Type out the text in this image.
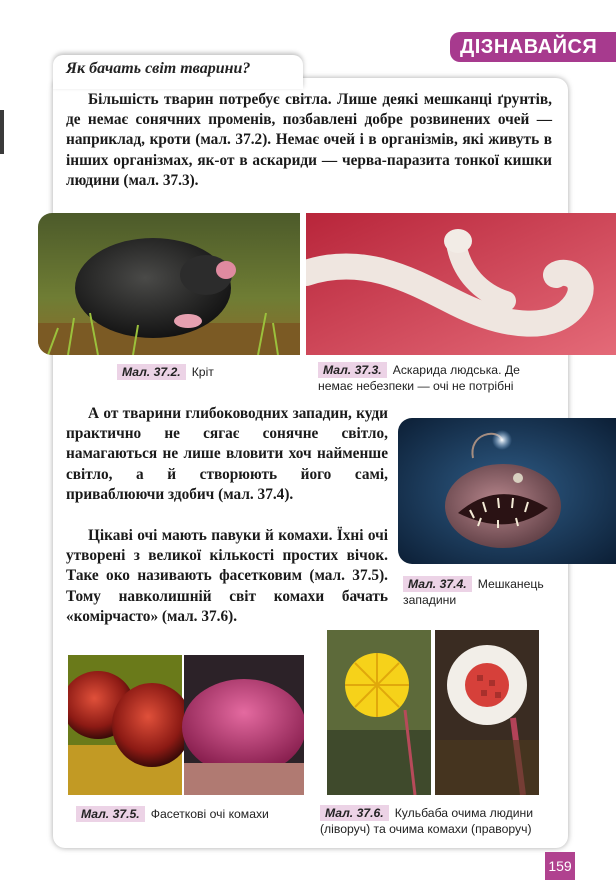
ДІЗНАВАЙСЯ
Як бачать світ тварини?

Більшість тварин потребує світла. Лише деякі мешканці ґрунтів, де немає сонячних променів, позбавлені добре розвинених очей — наприклад, кроти (мал. 37.2). Немає очей і в організмів, які живуть в інших організмах, як-от в аскариди — черва-паразита тонкої кишки людини (мал. 37.3).

Мал. 37.2. Кріт	Мал. 37.3. Аскарида людська. Де немає небезпеки — очі не потрібні

А от тварини глибоководних западин, куди практично не сягає сонячне світло, намагаються не лише вловити хоч найменше світло, а й створюють його самі, приваблюючи здобич (мал. 37.4).

Мал. 37.4. Мешканець западини

Цікаві очі мають павуки й комахи. Їхні очі утворені з великої кількості простих вічок. Таке око називають фасетковим (мал. 37.5). Тому навколишній світ комахи бачать «комірчасто» (мал. 37.6).

Мал. 37.5. Фасеткові очі комахи	Мал. 37.6. Кульбаба очима людини (ліворуч) та очима комахи (праворуч)
159
